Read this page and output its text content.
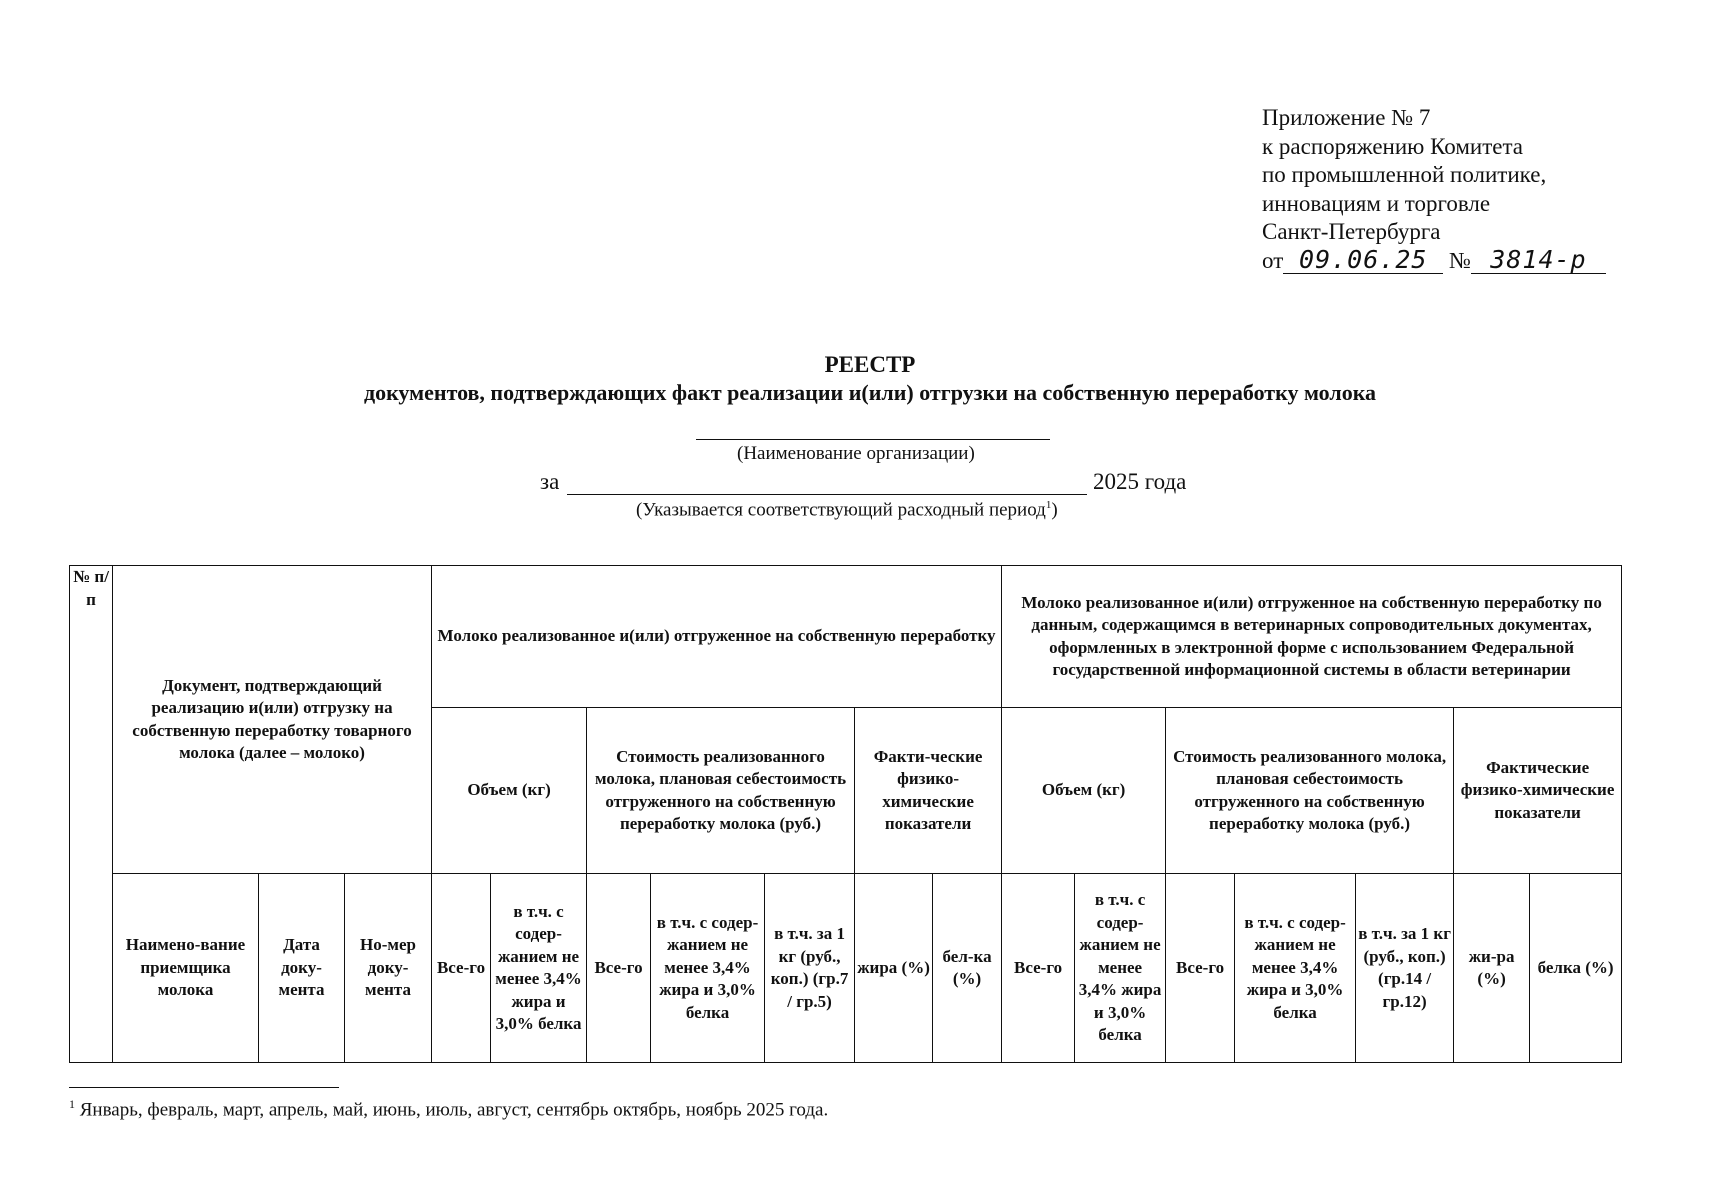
Приложение № 7
к распоряжению Комитета
по промышленной политике,
инновациям и торговле
Санкт-Петербурга
от 09.06.25 № 3814-р
РЕЕСТР
документов, подтверждающих факт реализации и(или) отгрузки на собственную переработку молока
(Наименование организации)
за	2025 года
(Указывается соответствующий расходный период$^1$)
№ п/п	Документ, подтверждающий реализацию и(или) отгрузку на собственную переработку товарного молока (далее – молоко)			Молоко реализованное и(или) отгруженное на собственную переработку							Молоко реализованное и(или) отгруженное на собственную переработку по данным, содержащимся в ветеринарных сопроводительных документах, оформленных в электронной форме с использованием Федеральной государственной информационной системы в области ветеринарии						
				Объем (кг)		Стоимость реализованного молока, плановая себестоимость отгруженного на собственную переработку молока (руб.)			Факти-ческие физико-химические показатели		Объем (кг)		Стоимость реализованного молока, плановая себестоимость отгруженного на собственную переработку молока (руб.)			Фактические физико-химические показатели	
	Наимено-вание приемщика молока	Дата доку-мента	Но-мер доку-мента	Все-го	в т.ч. с содер-жанием не менее 3,4% жира и 3,0% белка	Все-го	в т.ч. с содер-жанием не менее 3,4% жира и 3,0% белка	в т.ч. за 1 кг (руб., коп.) (гр.7 / гр.5)	жира (%)	бел-ка (%)	Все-го	в т.ч. с содер-жанием не менее 3,4% жира и 3,0% белка	Все-го	в т.ч. с содер-жанием не менее 3,4% жира и 3,0% белка	в т.ч. за 1 кг (руб., коп.) (гр.14 / гр.12)	жи-ра (%)	белка (%)
$^1$ Январь, февраль, март, апрель, май, июнь, июль, август, сентябрь октябрь, ноябрь 2025 года.
